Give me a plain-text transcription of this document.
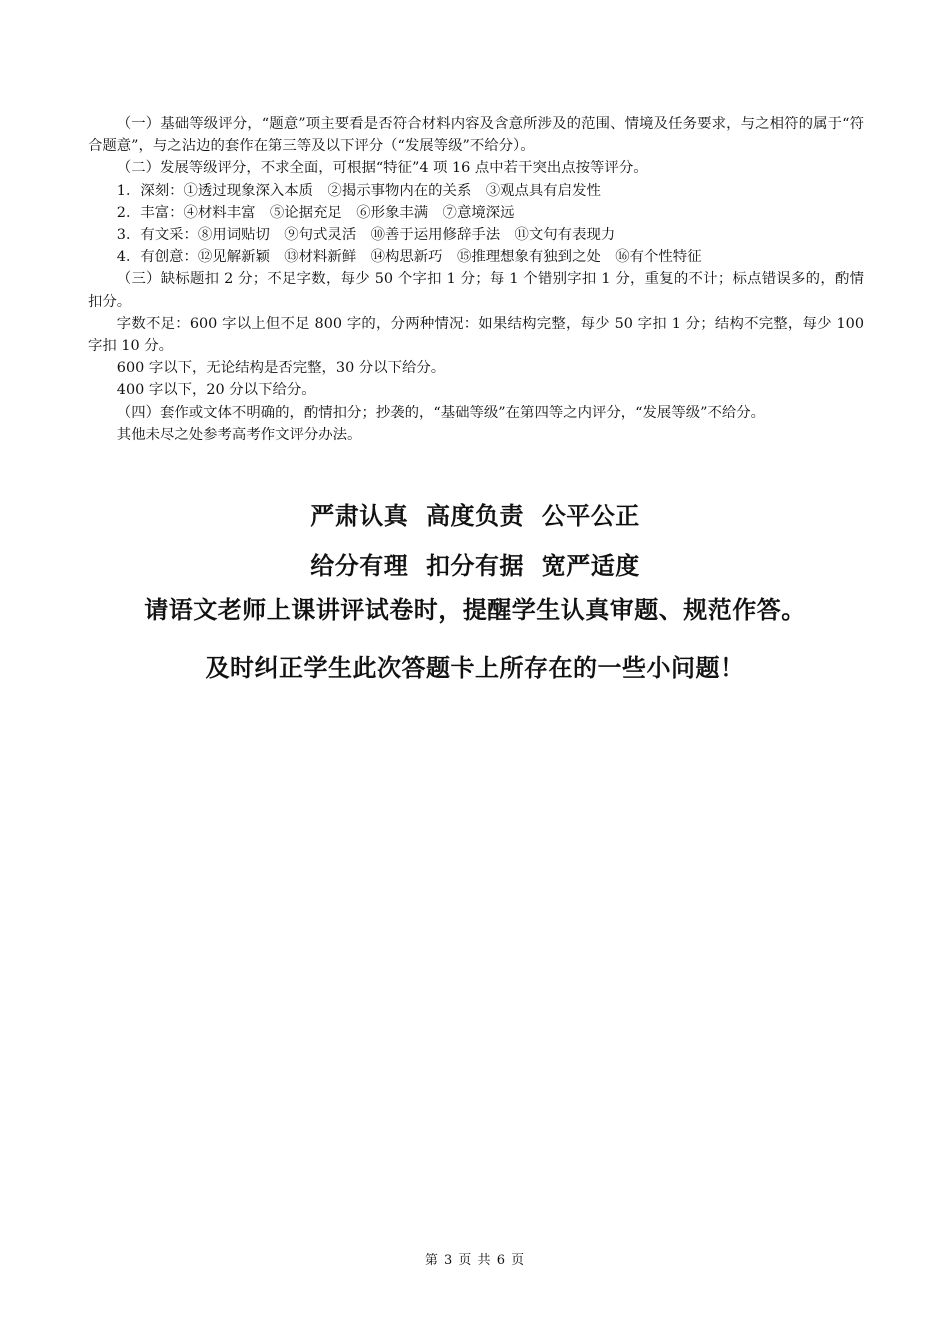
（一）基础等级评分，“题意”项主要看是否符合材料内容及含意所涉及的范围、情境及任务要求，与之相符的属于“符合题意”，与之沾边的套作在第三等及以下评分（“发展等级”不给分）。

（二）发展等级评分，不求全面，可根据“特征”4 项 16 点中若干突出点按等评分。

1．深刻：①透过现象深入本质　②揭示事物内在的关系　③观点具有启发性

2．丰富：④材料丰富　⑤论据充足　⑥形象丰满　⑦意境深远

3．有文采：⑧用词贴切　⑨句式灵活　⑩善于运用修辞手法　⑪文句有表现力

4．有创意：⑫见解新颖　⑬材料新鲜　⑭构思新巧　⑮推理想象有独到之处　⑯有个性特征

（三）缺标题扣 2 分；不足字数，每少 50 个字扣 1 分；每 1 个错别字扣 1 分，重复的不计；标点错误多的，酌情扣分。

字数不足：600 字以上但不足 800 字的，分两种情况：如果结构完整，每少 50 字扣 1 分；结构不完整，每少 100 字扣 10 分。

600 字以下，无论结构是否完整，30 分以下给分。

400 字以下，20 分以下给分。

（四）套作或文体不明确的，酌情扣分；抄袭的，“基础等级”在第四等之内评分，“发展等级”不给分。

其他未尽之处参考高考作文评分办法。

严肃认真  高度负责  公平公正
给分有理  扣分有据  宽严适度
请语文老师上课讲评试卷时，提醒学生认真审题、规范作答。
及时纠正学生此次答题卡上所存在的一些小问题！
第 3 页 共 6 页
